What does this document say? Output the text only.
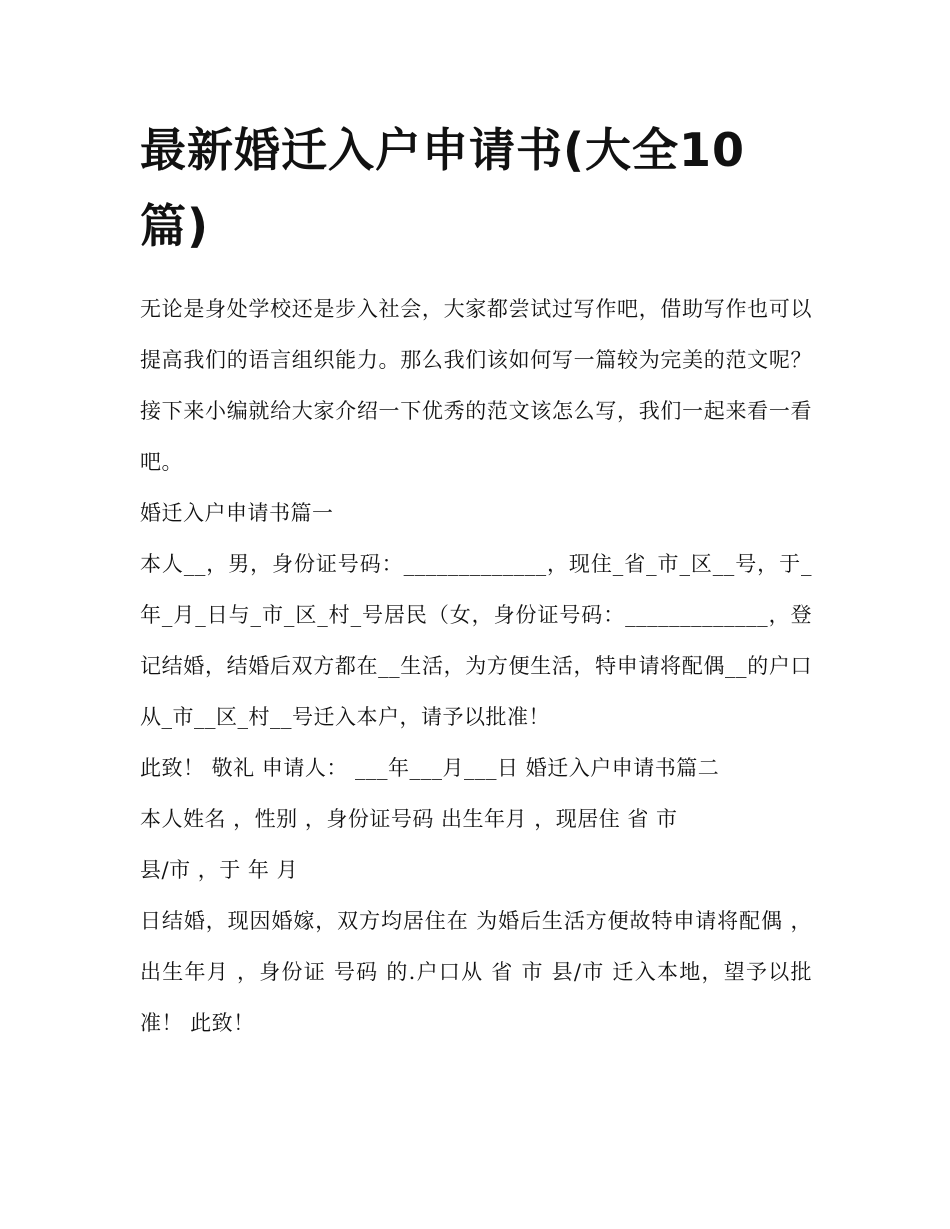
最新婚迁入户申请书(大全10篇)

无论是身处学校还是步入社会，大家都尝试过写作吧，借助写作也可以提高我们的语言组织能力。那么我们该如何写一篇较为完美的范文呢？接下来小编就给大家介绍一下优秀的范文该怎么写，我们一起来看一看吧。

婚迁入户申请书篇一

本人__，男，身份证号码：_____________，现住_省_市_区__号，于_年_月_日与_市_区_村_号居民（女，身份证号码：_____________，登记结婚，结婚后双方都在__生活，为方便生活，特申请将配偶__的户口从_市__区_村__号迁入本户，请予以批准！

此致！ 敬礼 申请人： ___年___月___日 婚迁入户申请书篇二

本人姓名 ，性别 ，身份证号码 出生年月 ，现居住 省 市

县/市 ，于 年 月

日结婚，现因婚嫁，双方均居住在 为婚后生活方便故特申请将配偶 ，出生年月 ，身份证 号码 的.户口从 省 市 县/市 迁入本地，望予以批准！ 此致！
